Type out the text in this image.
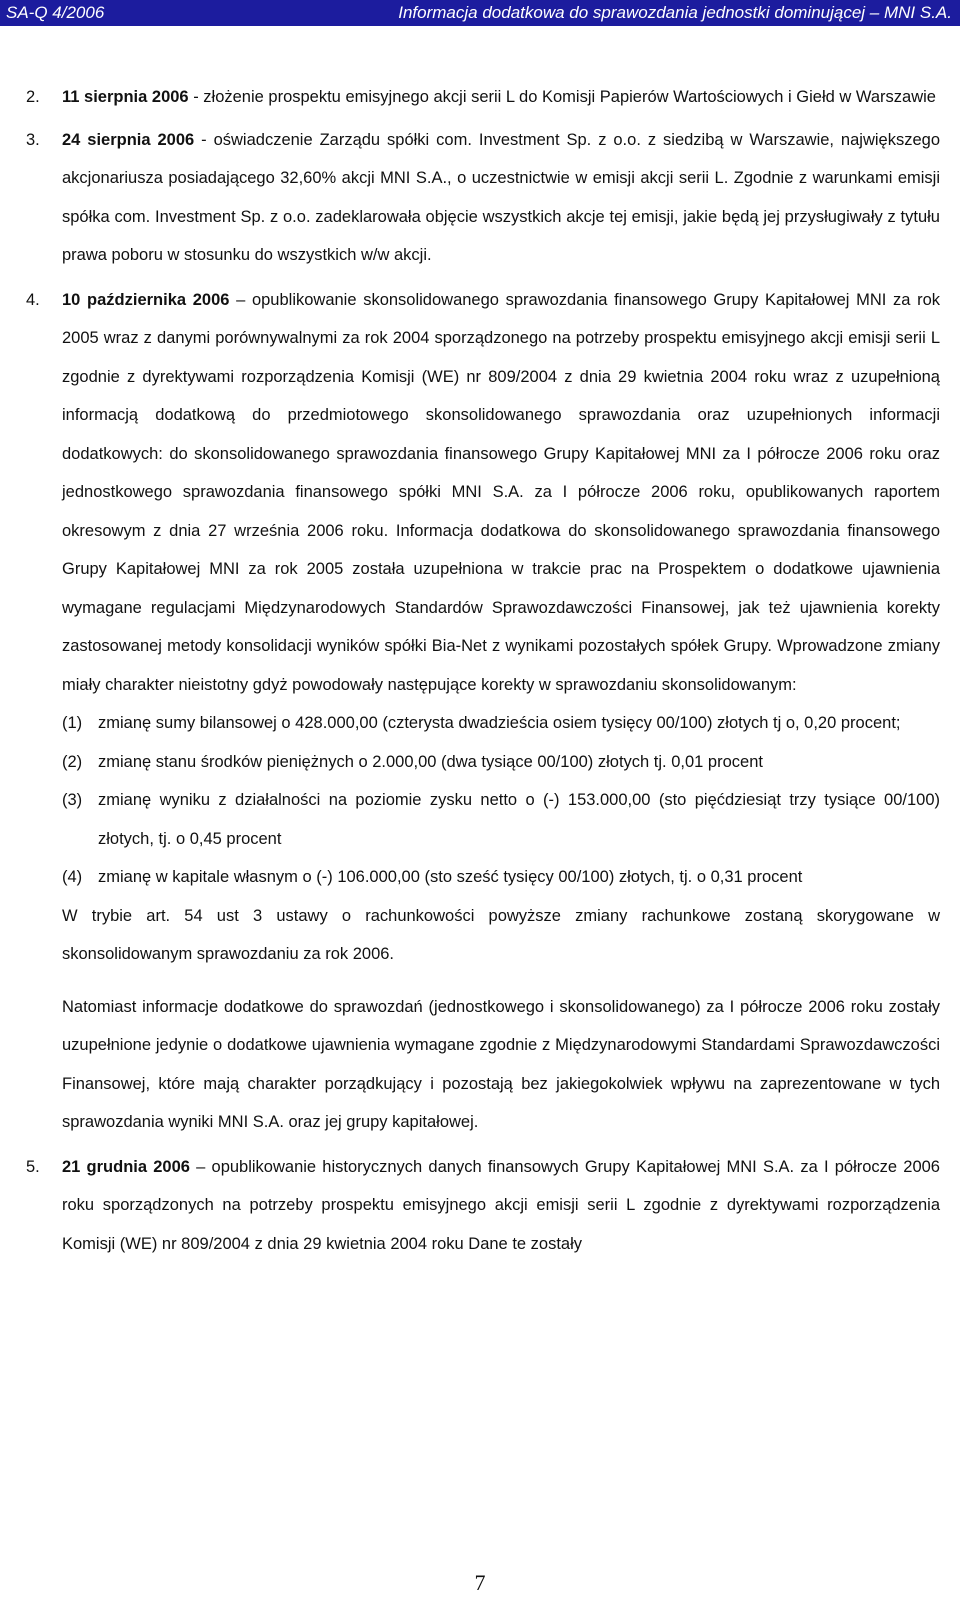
SA-Q 4/2006	Informacja dodatkowa do sprawozdania jednostki dominującej – MNI S.A.
2. 11 sierpnia 2006 - złożenie prospektu emisyjnego akcji serii L do Komisji Papierów Wartościowych i Giełd w Warszawie

3. 24 sierpnia 2006 - oświadczenie Zarządu spółki com. Investment Sp. z o.o. z siedzibą w Warszawie, największego akcjonariusza posiadającego 32,60% akcji MNI S.A., o uczestnictwie w emisji akcji serii L. Zgodnie z warunkami emisji spółka com. Investment Sp. z o.o. zadeklarowała objęcie wszystkich akcje tej emisji, jakie będą jej przysługiwały z tytułu prawa poboru w stosunku do wszystkich w/w akcji.

4. 10 października 2006 – opublikowanie skonsolidowanego sprawozdania finansowego Grupy Kapitałowej MNI za rok 2005 wraz z danymi porównywalnymi za rok 2004 sporządzonego na potrzeby prospektu emisyjnego akcji emisji serii L zgodnie z dyrektywami rozporządzenia Komisji (WE) nr 809/2004 z dnia 29 kwietnia 2004 roku wraz z uzupełnioną informacją dodatkową do przedmiotowego skonsolidowanego sprawozdania oraz uzupełnionych informacji dodatkowych: do skonsolidowanego sprawozdania finansowego Grupy Kapitałowej MNI za I półrocze 2006 roku oraz jednostkowego sprawozdania finansowego spółki MNI S.A. za I półrocze 2006 roku, opublikowanych raportem okresowym z dnia 27 września 2006 roku. Informacja dodatkowa do skonsolidowanego sprawozdania finansowego Grupy Kapitałowej MNI za rok 2005 została uzupełniona w trakcie prac na Prospektem o dodatkowe ujawnienia wymagane regulacjami Międzynarodowych Standardów Sprawozdawczości Finansowej, jak też ujawnienia korekty zastosowanej metody konsolidacji wyników spółki Bia-Net z wynikami pozostałych spółek Grupy. Wprowadzone zmiany miały charakter nieistotny gdyż powodowały następujące korekty w sprawozdaniu skonsolidowanym:

(1) zmianę sumy bilansowej o 428.000,00 (czterysta dwadzieścia osiem tysięcy 00/100) złotych tj o, 0,20 procent;
(2) zmianę stanu środków pieniężnych o 2.000,00 (dwa tysiące 00/100) złotych tj. 0,01 procent
(3) zmianę wyniku z działalności na poziomie zysku netto o (-) 153.000,00 (sto pięćdziesiąt trzy tysiące 00/100) złotych, tj. o 0,45 procent
(4) zmianę w kapitale własnym o (-) 106.000,00 (sto sześć tysięcy 00/100) złotych, tj. o 0,31 procent

W trybie art. 54 ust 3 ustawy o rachunkowości powyższe zmiany rachunkowe zostaną skorygowane w skonsolidowanym sprawozdaniu za rok 2006.

Natomiast informacje dodatkowe do sprawozdań (jednostkowego i skonsolidowanego) za I półrocze 2006 roku zostały uzupełnione jedynie o dodatkowe ujawnienia wymagane zgodnie z Międzynarodowymi Standardami Sprawozdawczości Finansowej, które mają charakter porządkujący i pozostają bez jakiegokolwiek wpływu na zaprezentowane w tych sprawozdania wyniki MNI S.A. oraz jej grupy kapitałowej.

5. 21 grudnia 2006 – opublikowanie historycznych danych finansowych Grupy Kapitałowej MNI S.A. za I półrocze 2006 roku sporządzonych na potrzeby prospektu emisyjnego akcji emisji serii L zgodnie z dyrektywami rozporządzenia Komisji (WE) nr 809/2004 z dnia 29 kwietnia 2004 roku Dane te zostały

7
